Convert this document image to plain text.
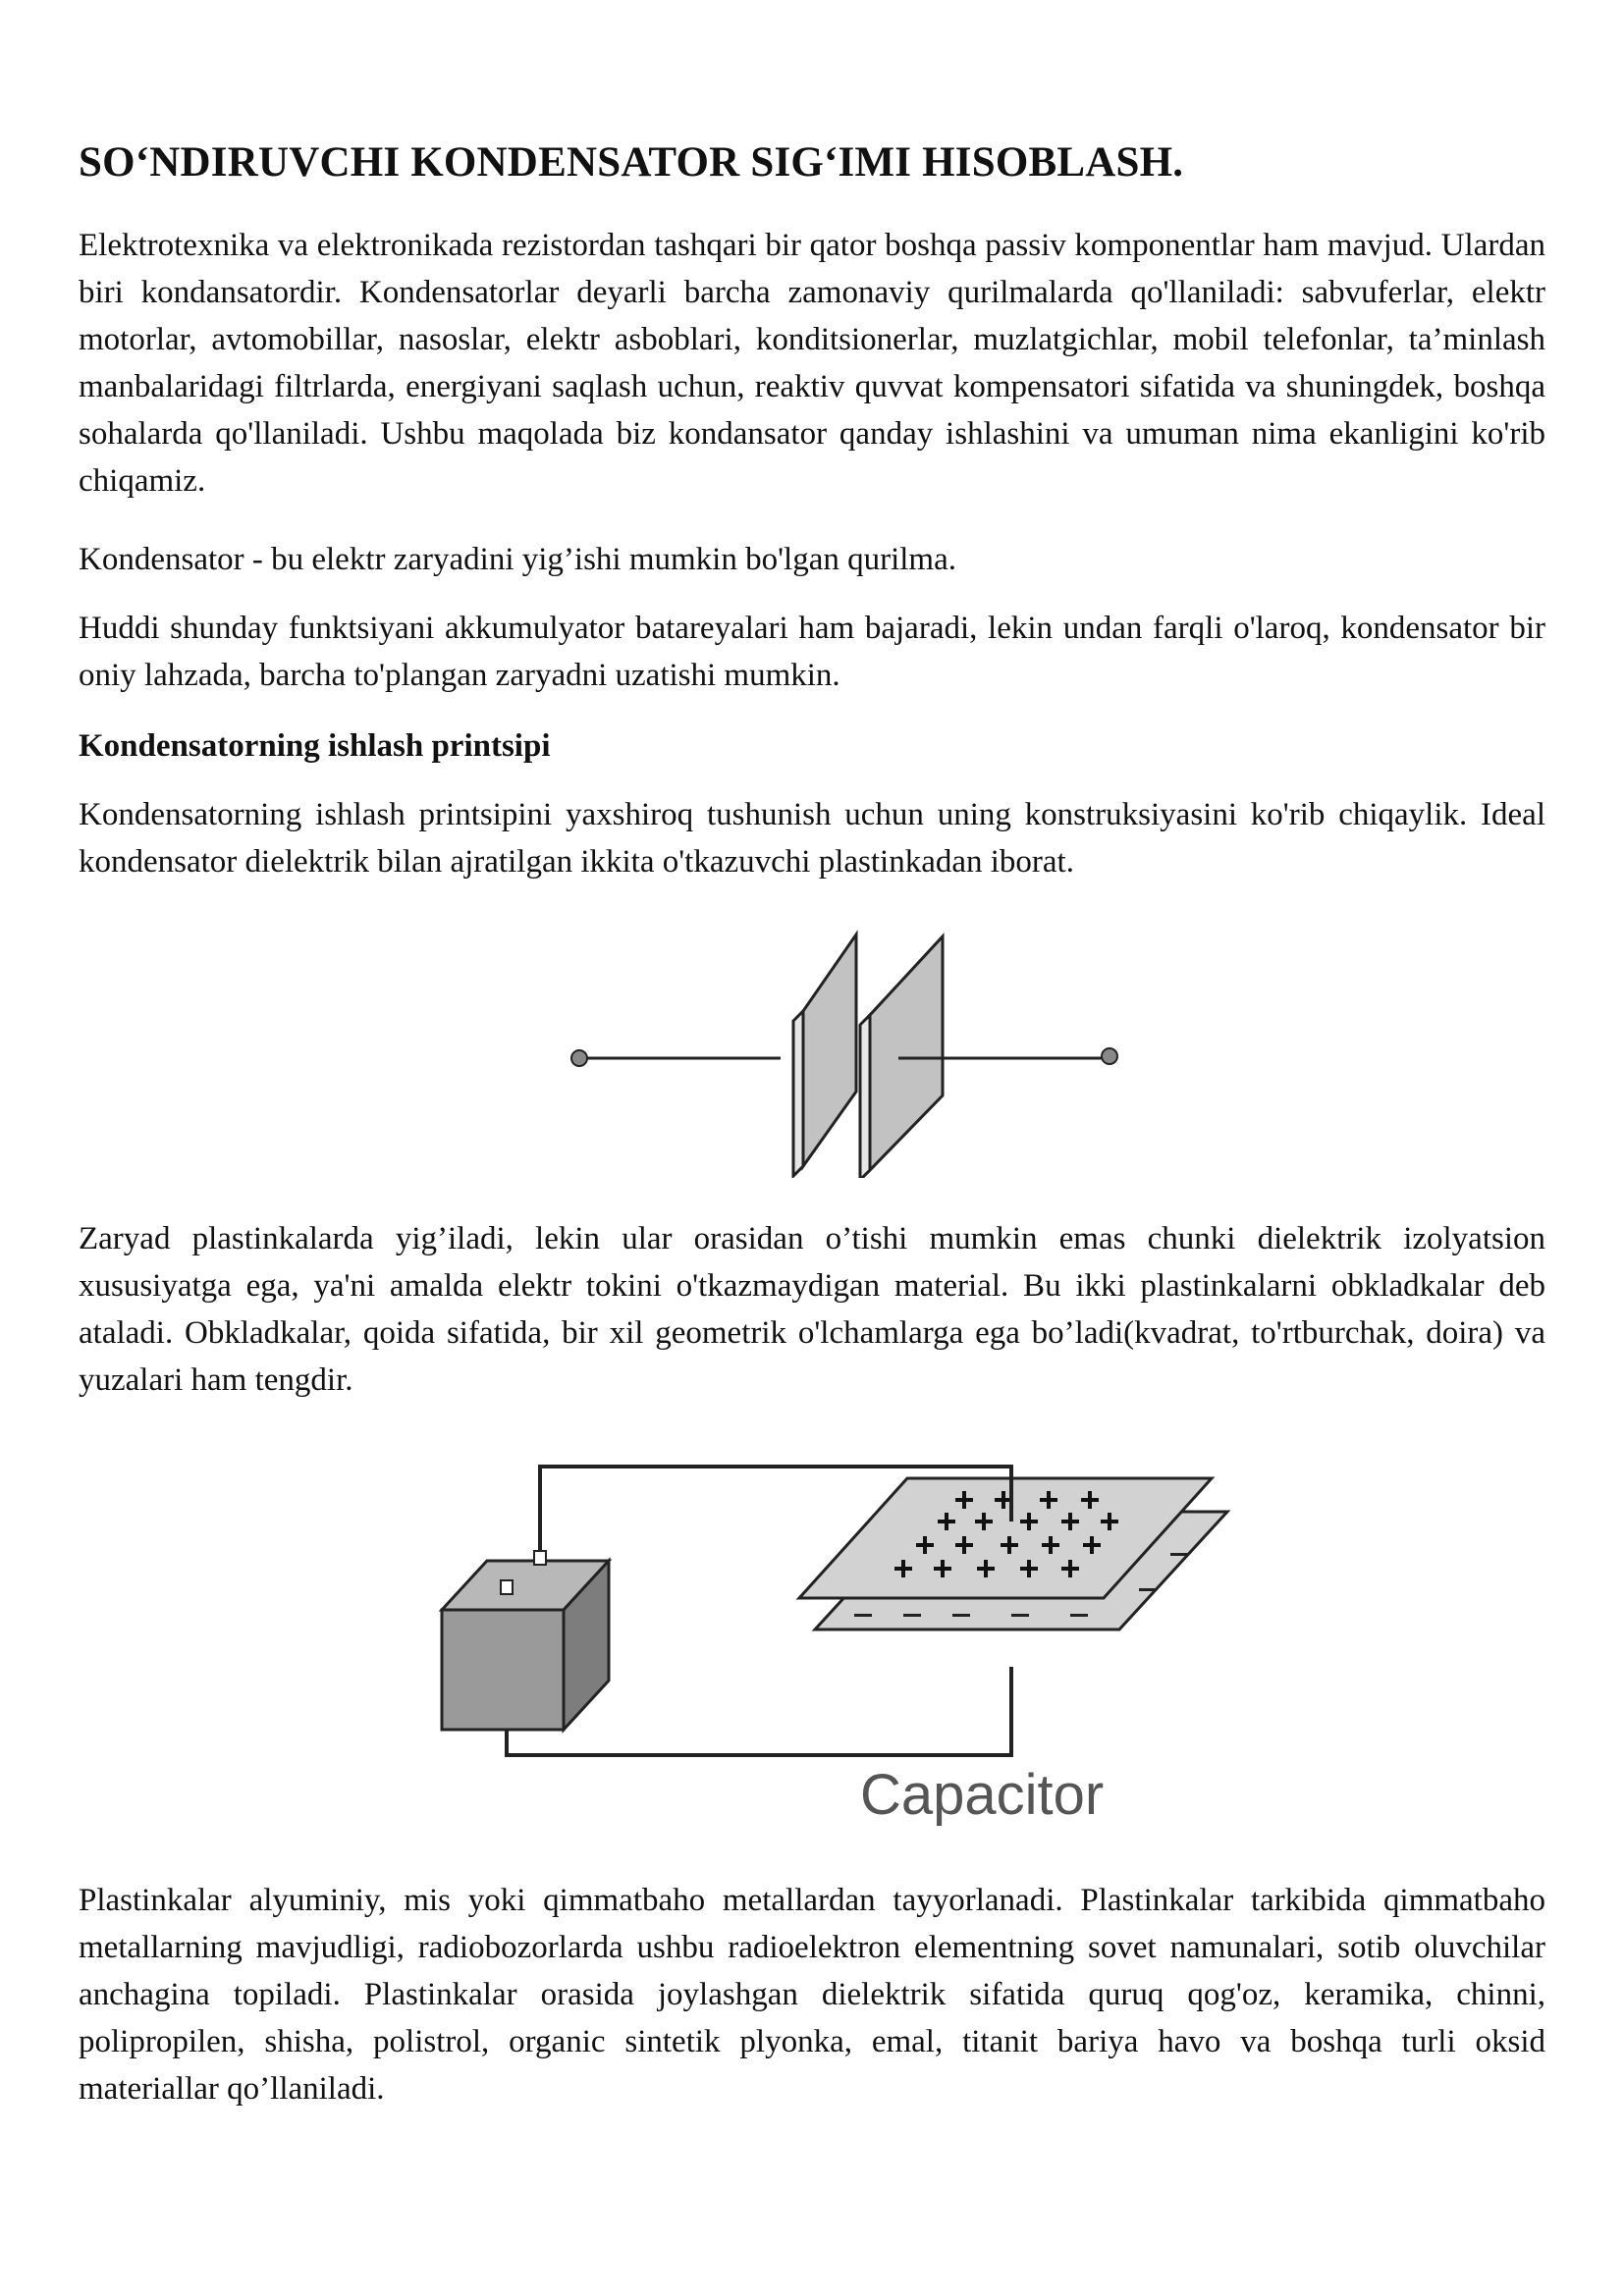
SO‘NDIRUVCHI KONDENSATOR SIG‘IMI HISOBLASH.

Elektrotexnika va elektronikada rezistordan tashqari bir qator boshqa passiv komponentlar ham mavjud. Ulardan biri kondansatordir. Kondensatorlar deyarli barcha zamonaviy qurilmalarda qo'llaniladi: sabvuferlar, elektr motorlar, avtomobillar, nasoslar, elektr asboblari, konditsionerlar, muzlatgichlar, mobil telefonlar, ta’minlash manbalaridagi filtrlarda, energiyani saqlash uchun, reaktiv quvvat kompensatori sifatida va shuningdek, boshqa sohalarda qo'llaniladi. Ushbu maqolada biz kondansator qanday ishlashini va umuman nima ekanligini ko'rib chiqamiz.

Kondensator - bu elektr zaryadini yig’ishi mumkin bo'lgan qurilma.

Huddi shunday funktsiyani akkumulyator batareyalari ham bajaradi, lekin undan farqli o'laroq, kondensator bir oniy lahzada, barcha to'plangan zaryadni uzatishi mumkin.

Kondensatorning ishlash printsipi

Kondensatorning ishlash printsipini yaxshiroq tushunish uchun uning konstruksiyasini ko'rib chiqaylik. Ideal kondensator dielektrik bilan ajratilgan ikkita o'tkazuvchi plastinkadan iborat.

Zaryad plastinkalarda yig’iladi, lekin ular orasidan o’tishi mumkin emas chunki dielektrik izolyatsion xususiyatga ega, ya'ni amalda elektr tokini o'tkazmaydigan material. Bu ikki plastinkalarni obkladkalar deb ataladi. Obkladkalar, qoida sifatida, bir xil geometrik o'lchamlarga ega bo’ladi(kvadrat, to'rtburchak, doira) va yuzalari ham tengdir.

Capacitor

Plastinkalar alyuminiy, mis yoki qimmatbaho metallardan tayyorlanadi. Plastinkalar tarkibida qimmatbaho metallarning mavjudligi, radiobozorlarda ushbu radioelektron elementning sovet namunalari, sotib oluvchilar anchagina topiladi. Plastinkalar orasida joylashgan dielektrik sifatida quruq qog'oz, keramika, chinni, polipropilen, shisha, polistrol, organic sintetik plyonka, emal, titanit bariya havo va boshqa turli oksid materiallar qo’llaniladi.
